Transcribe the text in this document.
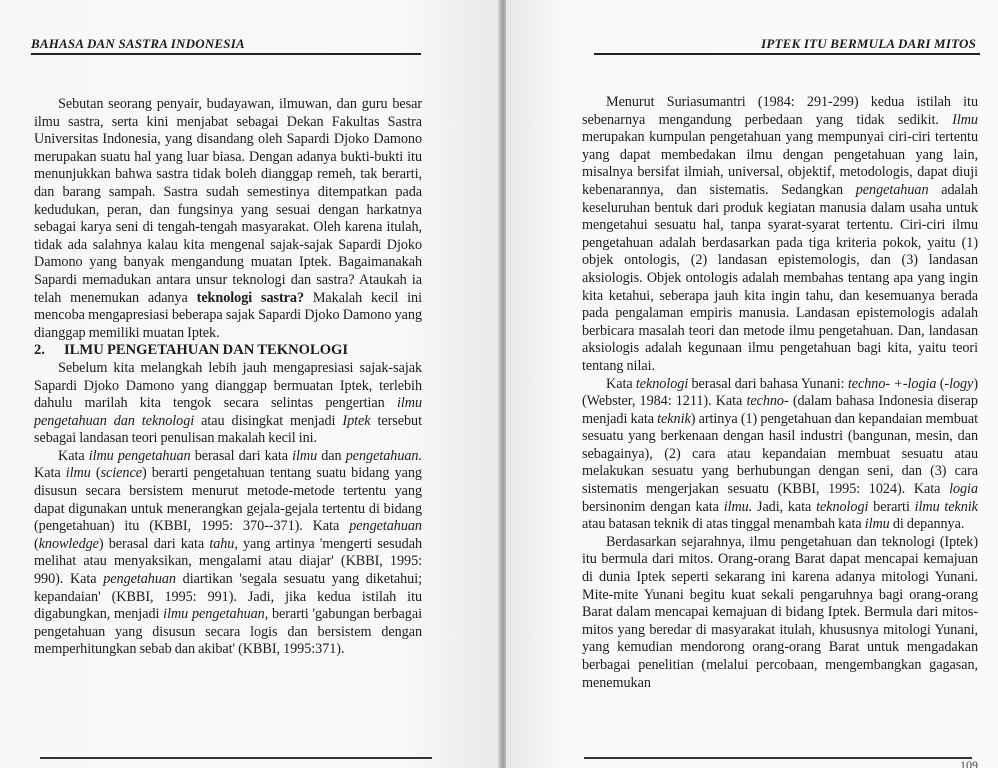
BAHASA DAN SASTRA INDONESIA

Sebutan seorang penyair, budayawan, ilmuwan, dan guru besar ilmu sastra, serta kini menjabat sebagai Dekan Fakultas Sastra Universitas Indonesia, yang disandang oleh Sapardi Djoko Damono merupakan suatu hal yang luar biasa. Dengan adanya bukti-bukti itu menunjukkan bahwa sastra tidak boleh dianggap remeh, tak berarti, dan barang sampah. Sastra sudah semestinya ditempatkan pada kedudukan, peran, dan fungsinya yang sesuai dengan harkatnya sebagai karya seni di tengah-tengah masyarakat. Oleh karena itulah, tidak ada salahnya kalau kita mengenal sajak-sajak Sapardi Djoko Damono yang banyak mengandung muatan Iptek. Bagaimanakah Sapardi memadukan antara unsur teknologi dan sastra? Ataukah ia telah menemukan adanya teknologi sastra? Makalah kecil ini mencoba mengapresiasi beberapa sajak Sapardi Djoko Damono yang dianggap memiliki muatan Iptek.

2. ILMU PENGETAHUAN DAN TEKNOLOGI

Sebelum kita melangkah lebih jauh mengapresiasi sajak-sajak Sapardi Djoko Damono yang dianggap bermuatan Iptek, terlebih dahulu marilah kita tengok secara selintas pengertian ilmu pengetahuan dan teknologi atau disingkat menjadi Iptek tersebut sebagai landasan teori penulisan makalah kecil ini.

Kata ilmu pengetahuan berasal dari kata ilmu dan pengetahuan. Kata ilmu (science) berarti pengetahuan tentang suatu bidang yang disusun secara bersistem menurut metode-metode tertentu yang dapat digunakan untuk menerangkan gejala-gejala tertentu di bidang (pengetahuan) itu (KBBI, 1995: 370--371). Kata pengetahuan (knowledge) berasal dari kata tahu, yang artinya 'mengerti sesudah melihat atau menyaksikan, mengalami atau diajar' (KBBI, 1995: 990). Kata pengetahuan diartikan 'segala sesuatu yang diketahui; kepandaian' (KBBI, 1995: 991). Jadi, jika kedua istilah itu digabungkan, menjadi ilmu pengetahuan, berarti 'gabungan berbagai pengetahuan yang disusun secara logis dan bersistem dengan memperhitungkan sebab dan akibat' (KBBI, 1995:371).

IPTEK ITU BERMULA DARI MITOS

Menurut Suriasumantri (1984: 291-299) kedua istilah itu sebenarnya mengandung perbedaan yang tidak sedikit. Ilmu merupakan kumpulan pengetahuan yang mempunyai ciri-ciri tertentu yang dapat membedakan ilmu dengan pengetahuan yang lain, misalnya bersifat ilmiah, universal, objektif, metodologis, dapat diuji kebenarannya, dan sistematis. Sedangkan pengetahuan adalah keseluruhan bentuk dari produk kegiatan manusia dalam usaha untuk mengetahui sesuatu hal, tanpa syarat-syarat tertentu. Ciri-ciri ilmu pengetahuan adalah berdasarkan pada tiga kriteria pokok, yaitu (1) objek ontologis, (2) landasan epistemologis, dan (3) landasan aksiologis. Objek ontologis adalah membahas tentang apa yang ingin kita ketahui, seberapa jauh kita ingin tahu, dan kesemuanya berada pada pengalaman empiris manusia. Landasan epistemologis adalah berbicara masalah teori dan metode ilmu pengetahuan. Dan, landasan aksiologis adalah kegunaan ilmu pengetahuan bagi kita, yaitu teori tentang nilai.

Kata teknologi berasal dari bahasa Yunani: techno- +-logia (-logy) (Webster, 1984: 1211). Kata techno- (dalam bahasa Indonesia diserap menjadi kata teknik) artinya (1) pengetahuan dan kepandaian membuat sesuatu yang berkenaan dengan hasil industri (bangunan, mesin, dan sebagainya), (2) cara atau kepandaian membuat sesuatu atau melakukan sesuatu yang berhubungan dengan seni, dan (3) cara sistematis mengerjakan sesuatu (KBBI, 1995: 1024). Kata logia bersinonim dengan kata ilmu. Jadi, kata teknologi berarti ilmu teknik atau batasan teknik di atas tinggal menambah kata ilmu di depannya.

Berdasarkan sejarahnya, ilmu pengetahuan dan teknologi (Iptek) itu bermula dari mitos. Orang-orang Barat dapat mencapai kemajuan di dunia Iptek seperti sekarang ini karena adanya mitologi Yunani. Mite-mite Yunani begitu kuat sekali pengaruhnya bagi orang-orang Barat dalam mencapai kemajuan di bidang Iptek. Bermula dari mitos-mitos yang beredar di masyarakat itulah, khususnya mitologi Yunani, yang kemudian mendorong orang-orang Barat untuk mengadakan berbagai penelitian (melalui percobaan, mengembangkan gagasan, menemukan

109
